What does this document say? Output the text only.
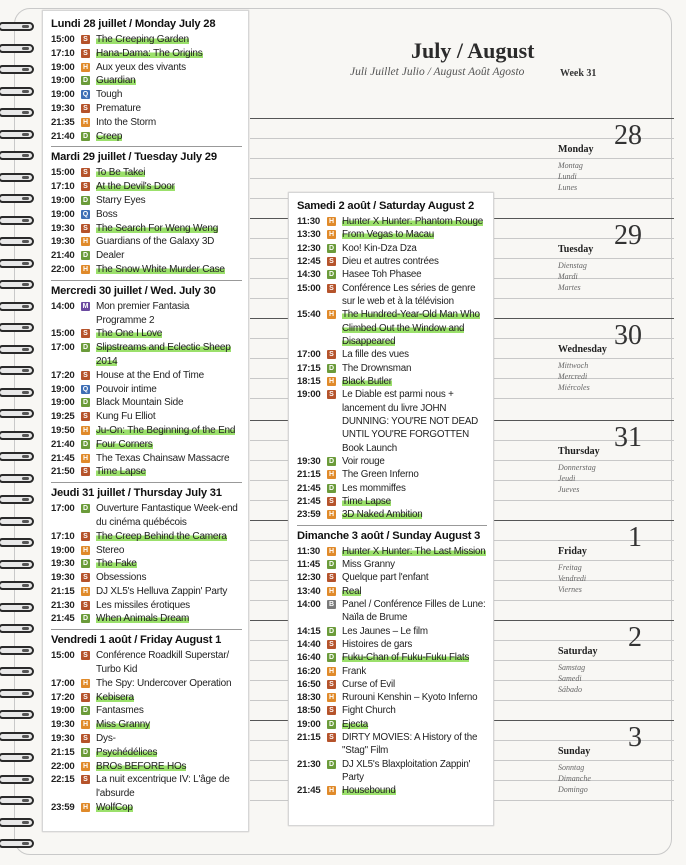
July / August
Juli Juillet Julio / August Août Agosto	Week 31
28
Monday
Montag
Lundi
Lunes
29
Tuesday
Dienstag
Mardi
Martes
30
Wednesday
Mittwoch
Mercredi
Miércoles
31
Thursday
Donnerstag
Jeudi
Jueves
1
Friday
Freitag
Vendredi
Viernes
2
Saturday
Samstag
Samedi
Sábado
3
Sunday
Sonntag
Dimanche
Domingo
Lundi 28 juillet / Monday July 28
15:00	S The Creeping Garden
17:10	S Hana-Dama: The Origins
19:00	H Aux yeux des vivants
19:00	D Guardian
19:00	Q Tough
19:30	S Premature
21:35	H Into the Storm
21:40	D Creep
Mardi 29 juillet / Tuesday July 29
15:00	S To Be Takei
17:10	S At the Devil's Door
19:00	D Starry Eyes
19:00	Q Boss
19:30	S The Search For Weng Weng
19:30	H Guardians of the Galaxy 3D
21:40	D Dealer
22:00	H The Snow White Murder Case
Mercredi 30 juillet / Wed. July 30
14:00	M Mon premier Fantasia Programme 2
15:00	S The One I Love
17:00	D Slipstreams and Eclectic Sheep 2014
17:20	S House at the End of Time
19:00	Q Pouvoir intime
19:00	D Black Mountain Side
19:25	S Kung Fu Elliot
19:50	H Ju-On: The Beginning of the End
21:40	D Four Corners
21:45	H The Texas Chainsaw Massacre
21:50	S Time Lapse
Jeudi 31 juillet / Thursday July 31
17:00	D Ouverture Fantastique Week-end du cinéma québécois
17:10	S The Creep Behind the Camera
19:00	H Stereo
19:30	D The Fake
19:30	S Obsessions
21:15	H DJ XL5's Helluva Zappin' Party
21:30	S Les missiles érotiques
21:45	D When Animals Dream
Vendredi 1 août / Friday August 1
15:00	S Conférence Roadkill Superstar/ Turbo Kid
17:00	H The Spy: Undercover Operation
17:20	S Kebisera
19:00	D Fantasmes
19:30	H Miss Granny
19:30	S Dys-
21:15	D Psychédélices
22:00	H BROs BEFORE HOs
22:15	S La nuit excentrique IV: L'âge de l'absurde
23:59	H WolfCop
Samedi 2 août / Saturday August 2
11:30	H Hunter X Hunter: Phantom Rouge
13:30	H From Vegas to Macau
12:30	D Koo! Kin-Dza Dza
12:45	S Dieu et autres contrées
14:30	D Hasee Toh Phasee
15:00	S Conférence Les séries de genre sur le web et à la télévision
15:40	H The Hundred-Year-Old Man Who Climbed Out the Window and Disappeared
17:00	S La fille des vues
17:15	D The Drownsman
18:15	H Black Butler
19:00	S Le Diable est parmi nous + lancement du livre JOHN DUNNING: YOU'RE NOT DEAD UNTIL YOU'RE FORGOTTEN Book Launch
19:30	D Voir rouge
21:15	H The Green Inferno
21:45	D Les mommiffes
21:45	S Time Lapse
23:59	H 3D Naked Ambition
Dimanche 3 août / Sunday August 3
11:30	H Hunter X Hunter: The Last Mission
11:45	D Miss Granny
12:30	S Quelque part l'enfant
13:40	H Real
14:00	B Panel / Conférence Filles de Lune: Naïla de Brume
14:15	D Les Jaunes – Le film
14:40	S Histoires de gars
16:40	D Fuku-Chan of Fuku-Fuku Flats
16:20	H Frank
16:50	S Curse of Evil
18:30	H Rurouni Kenshin – Kyoto Inferno
18:50	S Fight Church
19:00	D Ejecta
21:15	S DIRTY MOVIES: A History of the "Stag" Film
21:30	D DJ XL5's Blaxploitation Zappin' Party
21:45	H Housebound
